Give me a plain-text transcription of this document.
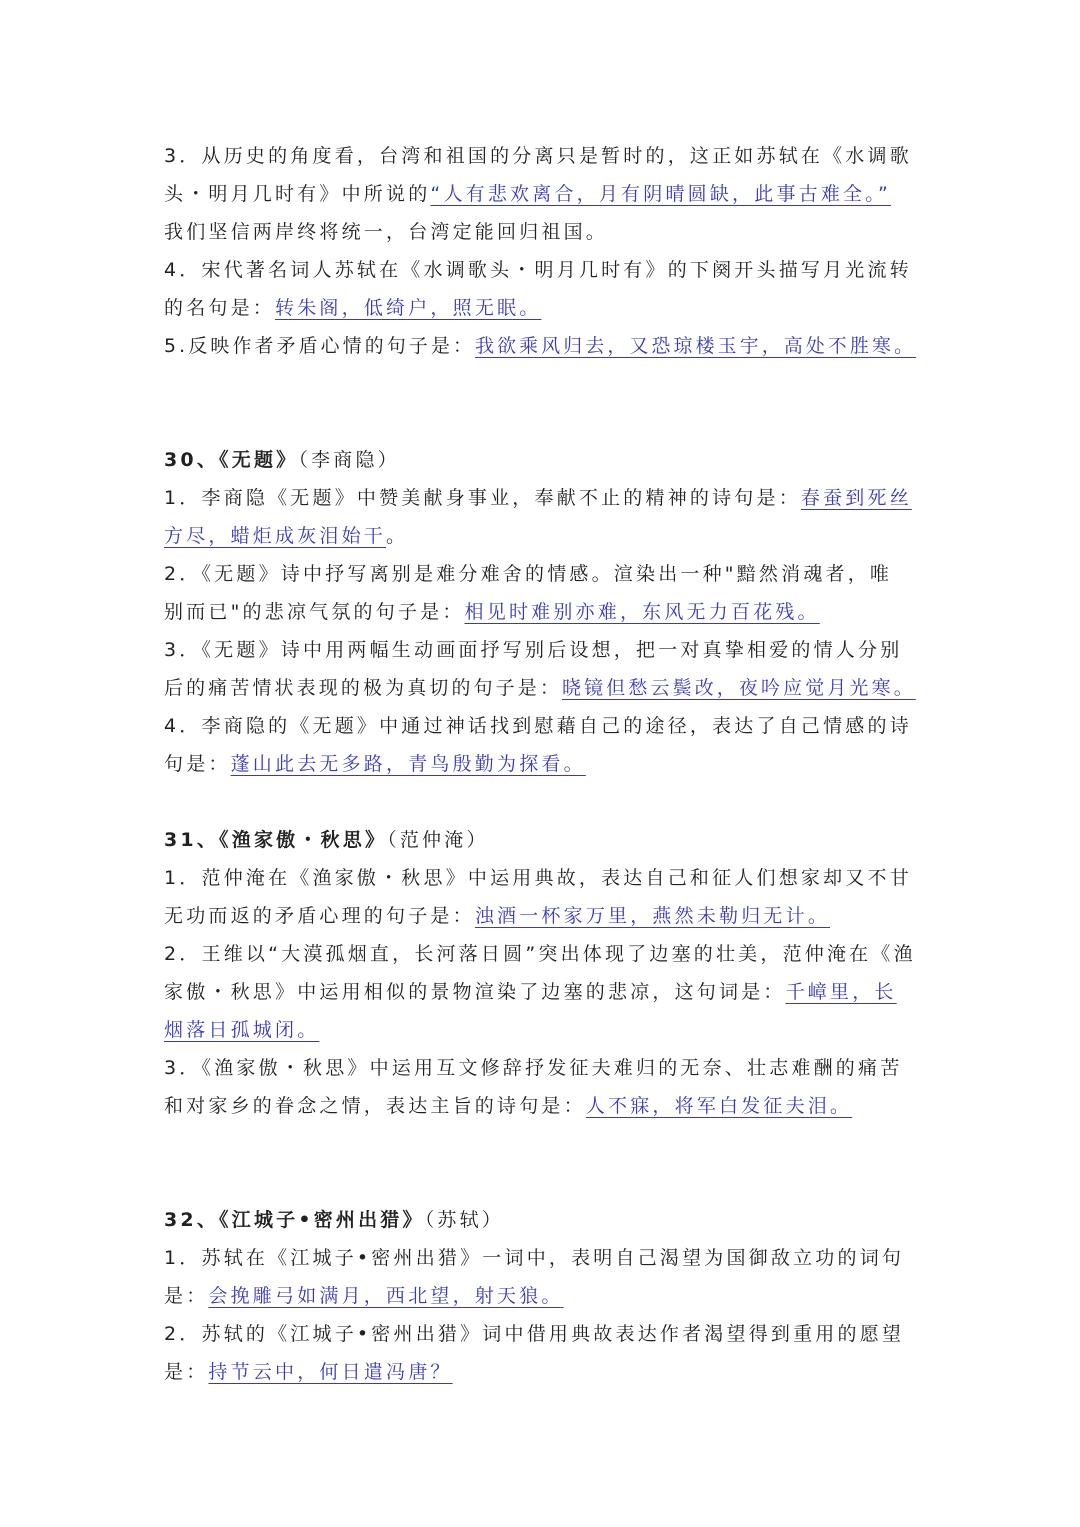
3．从历史的角度看，台湾和祖国的分离只是暂时的，这正如苏轼在《水调歌
头・明月几时有》中所说的“人有悲欢离合，月有阴晴圆缺，此事古难全。”
我们坚信两岸终将统一，台湾定能回归祖国。
4．宋代著名词人苏轼在《水调歌头・明月几时有》的下阕开头描写月光流转
的名句是：转朱阁，低绮户，照无眠。
5.反映作者矛盾心情的句子是：我欲乘风归去，又恐琼楼玉宇，高处不胜寒。
30、《无题》（李商隐）
1．李商隐《无题》中赞美献身事业，奉献不止的精神的诗句是：春蚕到死丝
方尽，蜡炬成灰泪始干。
2．《无题》诗中抒写离别是难分难舍的情感。渲染出一种"黯然消魂者，唯
别而已"的悲凉气氛的句子是：相见时难别亦难，东风无力百花残。
3．《无题》诗中用两幅生动画面抒写别后设想，把一对真挚相爱的情人分别
后的痛苦情状表现的极为真切的句子是：晓镜但愁云鬓改，夜吟应觉月光寒。
4．李商隐的《无题》中通过神话找到慰藉自己的途径，表达了自己情感的诗
句是：蓬山此去无多路，青鸟殷勤为探看。
31、《渔家傲・秋思》（范仲淹）
1．范仲淹在《渔家傲・秋思》中运用典故，表达自己和征人们想家却又不甘
无功而返的矛盾心理的句子是：浊酒一杯家万里，燕然未勒归无计。
2．王维以“大漠孤烟直，长河落日圆”突出体现了边塞的壮美，范仲淹在《渔
家傲・秋思》中运用相似的景物渲染了边塞的悲凉，这句词是：千嶂里，长
烟落日孤城闭。
3．《渔家傲・秋思》中运用互文修辞抒发征夫难归的无奈、壮志难酬的痛苦
和对家乡的眷念之情，表达主旨的诗句是：人不寐，将军白发征夫泪。
32、《江城子•密州出猎》（苏轼）
1．苏轼在《江城子•密州出猎》一词中，表明自己渴望为国御敌立功的词句
是：会挽雕弓如满月，西北望，射天狼。
2．苏轼的《江城子•密州出猎》词中借用典故表达作者渴望得到重用的愿望
是：持节云中，何日遣冯唐？
